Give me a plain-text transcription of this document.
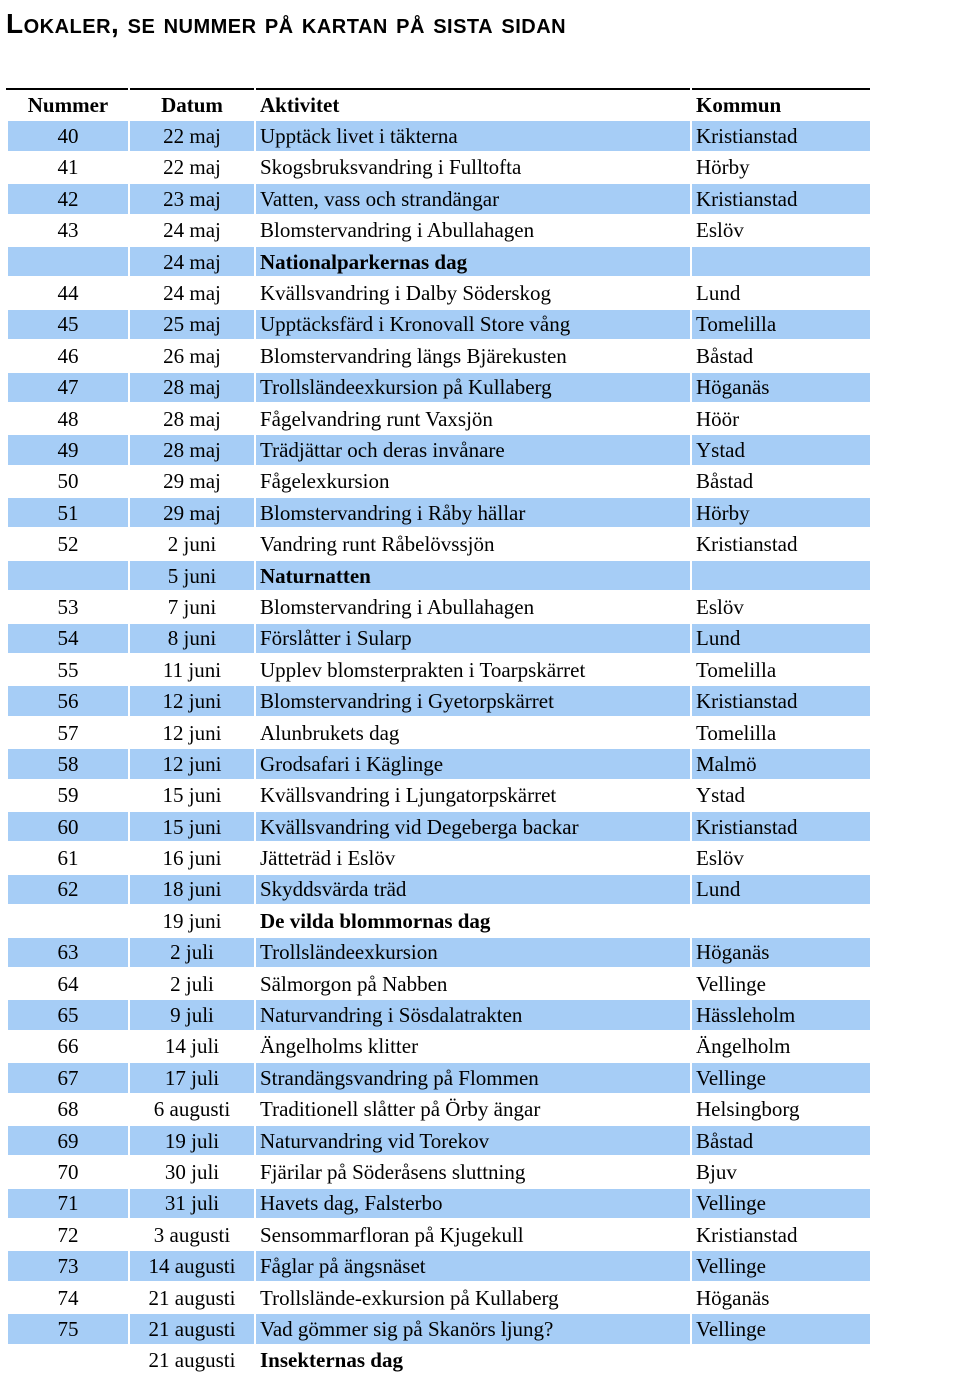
Lokaler, se nummer på kartan på sista sidan
Nummer	Datum	Aktivitet	Kommun
40	22 maj	Upptäck livet i täkterna	Kristianstad
41	22 maj	Skogsbruksvandring i Fulltofta	Hörby
42	23 maj	Vatten, vass och strandängar	Kristianstad
43	24 maj	Blomstervandring i Abullahagen	Eslöv
	24 maj	Nationalparkernas dag	
44	24 maj	Kvällsvandring i Dalby Söderskog	Lund
45	25 maj	Upptäcksfärd i Kronovall Store vång	Tomelilla
46	26 maj	Blomstervandring längs Bjärekusten	Båstad
47	28 maj	Trollsländeexkursion på Kullaberg	Höganäs
48	28 maj	Fågelvandring runt Vaxsjön	Höör
49	28 maj	Trädjättar och deras invånare	Ystad
50	29 maj	Fågelexkursion	Båstad
51	29 maj	Blomstervandring i Råby hällar	Hörby
52	2 juni	Vandring runt Råbelövssjön	Kristianstad
	5 juni	Naturnatten	
53	7 juni	Blomstervandring i Abullahagen	Eslöv
54	8 juni	Förslåtter i Sularp	Lund
55	11 juni	Upplev blomsterprakten i Toarpskärret	Tomelilla
56	12 juni	Blomstervandring i Gyetorpskärret	Kristianstad
57	12 juni	Alunbrukets dag	Tomelilla
58	12 juni	Grodsafari i Käglinge	Malmö
59	15 juni	Kvällsvandring i Ljungatorpskärret	Ystad
60	15 juni	Kvällsvandring vid Degeberga backar	Kristianstad
61	16 juni	Jätteträd i Eslöv	Eslöv
62	18 juni	Skyddsvärda träd	Lund
	19 juni	De vilda blommornas dag	
63	2 juli	Trollsländeexkursion	Höganäs
64	2 juli	Sälmorgon på Nabben	Vellinge
65	9 juli	Naturvandring i Sösdalatrakten	Hässleholm
66	14 juli	Ängelholms klitter	Ängelholm
67	17 juli	Strandängsvandring på Flommen	Vellinge
68	6 augusti	Traditionell slåtter på Örby ängar	Helsingborg
69	19 juli	Naturvandring vid Torekov	Båstad
70	30 juli	Fjärilar på Söderåsens sluttning	Bjuv
71	31 juli	Havets dag, Falsterbo	Vellinge
72	3 augusti	Sensommarfloran på Kjugekull	Kristianstad
73	14 augusti	Fåglar på ängsnäset	Vellinge
74	21 augusti	Trollslände-exkursion på Kullaberg	Höganäs
75	21 augusti	Vad gömmer sig på Skanörs ljung?	Vellinge
	21 augusti	Insekternas dag	
